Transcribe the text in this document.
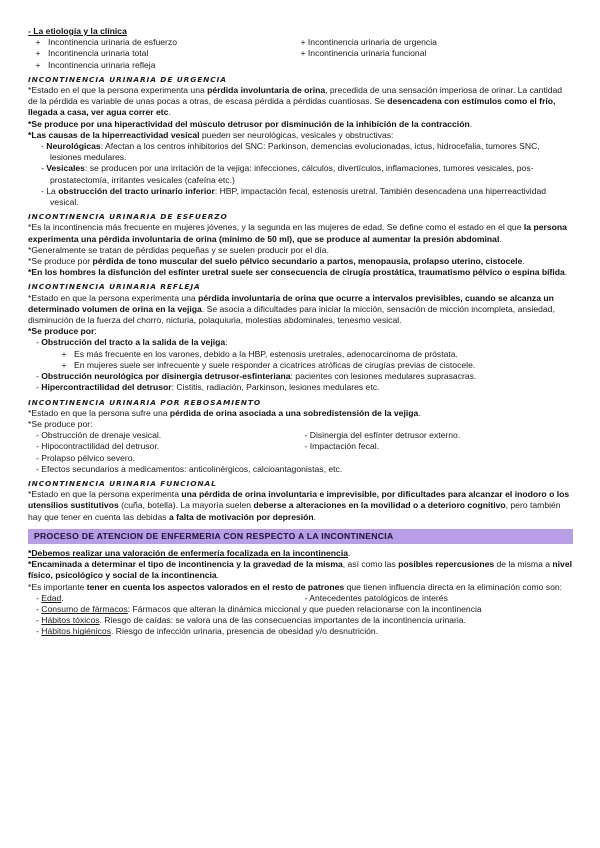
- La etiología y la clínica

+ Incontinencia urinaria de esfuerzo

+ Incontinencia urinaria total

+ Incontinencia urinaria refleja

+ Incontinencia urinaria de urgencia

+ Incontinencia urinaria funcional

INCONTINENCIA URINARIA DE URGENCIA

*Estado en el que la persona experimenta una pérdida involuntaria de orina, precedida de una sensación imperiosa de orinar. La cantidad de la pérdida es variable de unas pocas a otras, de escasa pérdida a pérdidas cuantiosas. Se desencadena con estímulos como el frío, llegada a casa, ver agua correr etc.

*Se produce por una hiperactividad del músculo detrusor por disminución de la inhibición de la contracción.

*Las causas de la hiperreactividad vesical pueden ser neurológicas, vesicales y obstructivas:

- Neurológicas: Afectan a los centros inhibitorios del SNC: Parkinson, demencias evolucionadas, ictus, hidrocefalia, tumores SNC, lesiones medulares.

- Vesicales: se producen por una irritación de la vejiga: infecciones, cálculos, divertículos, inflamaciones, tumores vesicales, pos-prostatectomía, irritantes vesicales (cafeína etc.)

- La obstrucción del tracto urinario inferior: HBP, impactación fecal, estenosis uretral. También desencadena una hiperreactividad vesical.

INCONTINENCIA URINARIA DE ESFUERZO

*Es la incontinencia más frecuente en mujeres jóvenes, y la segunda en las mujeres de edad. Se define como el estado en el que la persona experimenta una pérdida involuntaria de orina (mínimo de 50 ml), que se produce al aumentar la presión abdominal.

*Generalmente se tratan de pérdidas pequeñas y se suelen producir por el día.

*Se produce por pérdida de tono muscular del suelo pélvico secundario a partos, menopausia, prolapso uterino, cistocele.

*En los hombres la disfunción del esfínter uretral suele ser consecuencia de cirugía prostática, traumatismo pélvico o espina bífida.

INCONTINENCIA URINARIA REFLEJA

*Estado en que la persona experimenta una pérdida involuntaria de orina que ocurre a intervalos previsibles, cuando se alcanza un determinado volumen de orina en la vejiga. Se asocia a dificultades para iniciar la micción, sensación de micción incompleta, ansiedad, disminución de la fuerza del chorro, nicturia, polaquiuria, molestias abdominales, tenesmo vesical.

*Se produce por:

- Obstrucción del tracto a la salida de la vejiga:

+ Es más frecuente en los varones, debido a la HBP, estenosis uretrales, adenocarcinoma de próstata.

+ En mujeres suele ser infrecuente y suele responder a cicatrices atróficas de cirugías previas de cistocele.

- Obstrucción neurológica por disinergia detrusor-esfinteriana: pacientes con lesiones medulares suprasacras.

- Hipercontractilidad del detrusor: Cistitis, radiación, Parkinson, lesiones medulares etc.

INCONTINENCIA URINARIA POR REBOSAMIENTO

*Estado en que la persona sufre una pérdida de orina asociada a una sobredistensión de la vejiga.

*Se produce por:

- Obstrucción de drenaje vesical.

- Hipocontractilidad del detrusor.

- Prolapso pélvico severo.

- Disinergia del esfínter detrusor externo.

- Impactación fecal.

- Efectos secundarios a medicamentos: anticolinérgicos, calcioantagonistas, etc.

INCONTINENCIA URINARIA FUNCIONAL

*Estado en que la persona experimenta una pérdida de orina involuntaria e imprevisible, por dificultades para alcanzar el inodoro o los utensilios sustitutivos (cuña, botella). La mayoría suelen deberse a alteraciones en la movilidad o a deterioro cognitivo, pero también hay que tener en cuenta las debidas a falta de motivación por depresión.

PROCESO DE ATENCION DE ENFERMERIA CON RESPECTO A LA INCONTINENCIA

*Debemos realizar una valoración de enfermería focalizada en la incontinencia.

*Encaminada a determinar el tipo de incontinencia y la gravedad de la misma, así como las posibles repercusiones de la misma a nivel físico, psicológico y social de la incontinencia.

*Es importante tener en cuenta los aspectos valorados en el resto de patrones que tienen influencia directa en la eliminación como son:

- Edad.	- Antecedentes patológicos de interés

- Consumo de fármacos: Fármacos que alteran la dinámica miccional y que pueden relacionarse con la incontinencia

- Hábitos tóxicos. Riesgo de caídas: se valora una de las consecuencias importantes de la incontinencia urinaria.

- Hábitos higiénicos. Riesgo de infección urinaria, presencia de obesidad y/o desnutrición.
